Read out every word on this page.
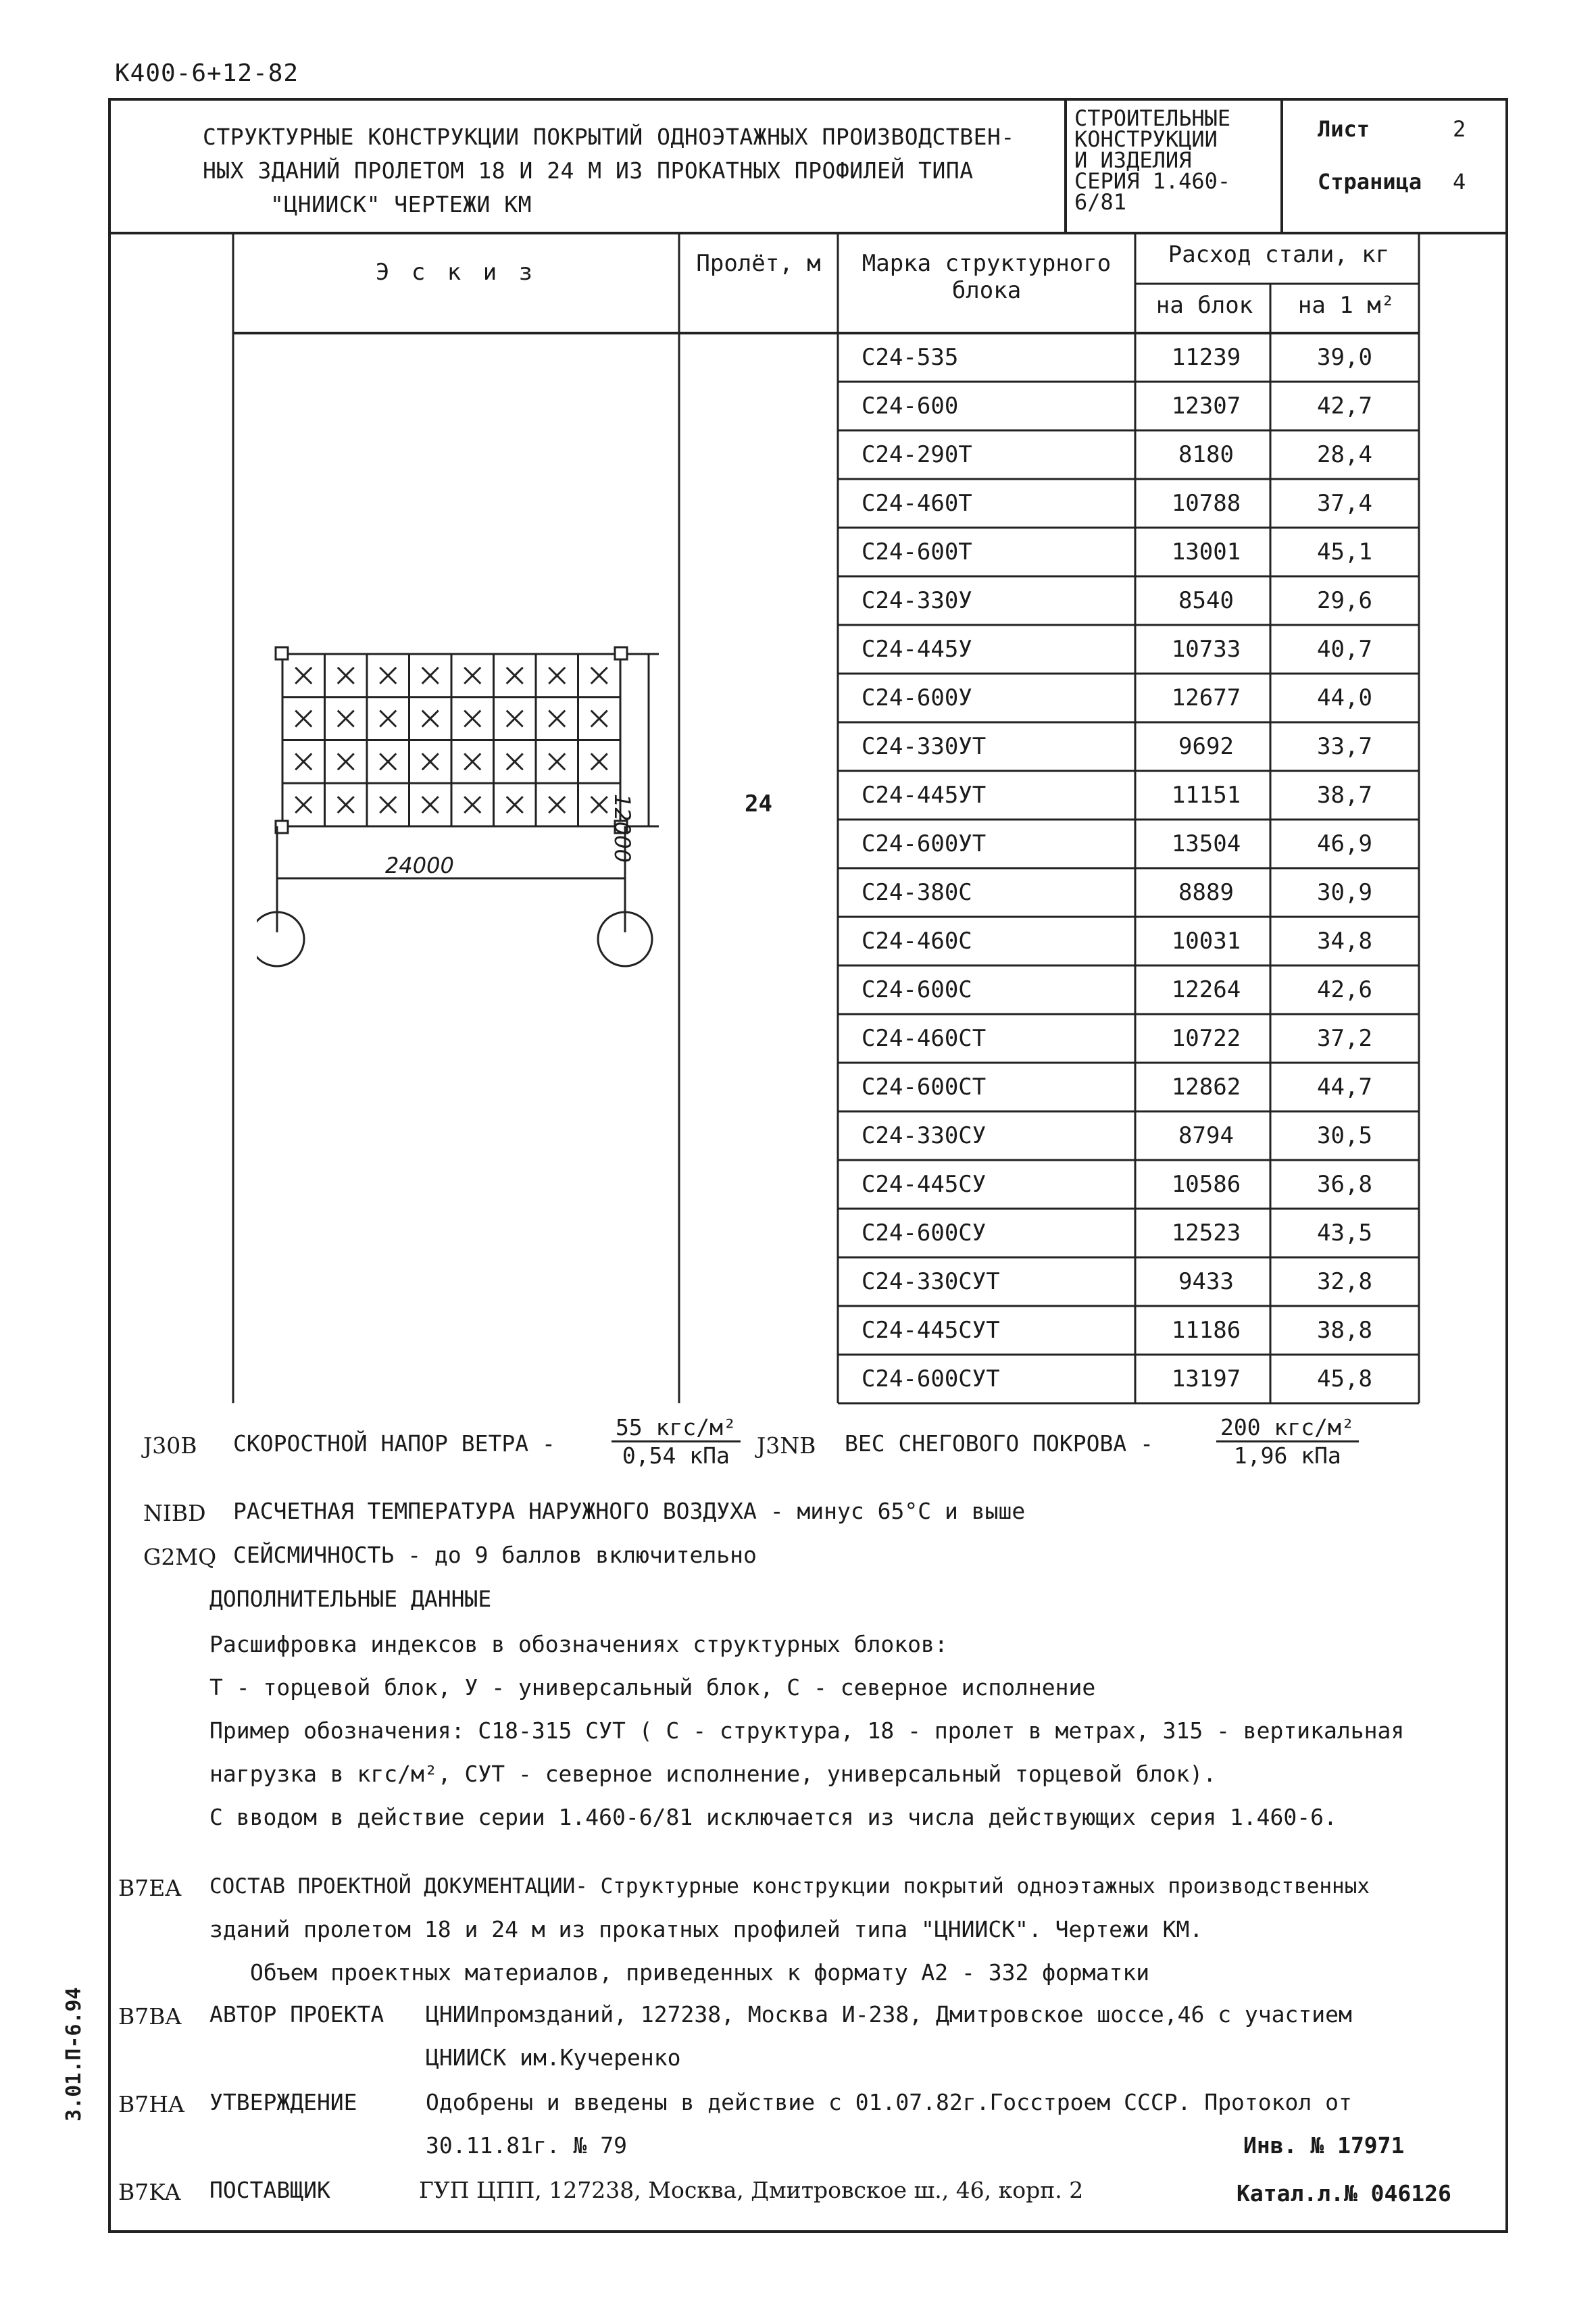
К400-6+12-82
СТРУКТУРНЫЕ КОНСТРУКЦИИ ПОКРЫТИЙ ОДНОЭТАЖНЫХ ПРОИЗВОДСТВЕН-
НЫХ ЗДАНИЙ ПРОЛЕТОМ 18 И 24 М ИЗ ПРОКАТНЫХ ПРОФИЛЕЙ ТИПА
"ЦНИИСК" ЧЕРТЕЖИ КМ
СТРОИТЕЛЬНЫЕ
КОНСТРУКЦИИ
И ИЗДЕЛИЯ
СЕРИЯ 1.460-6/81
Лист	2
Страница 4
Э с к и з	Пролёт, м	Марка структурного блока
Расход стали, кг
на блок	на 1 м²
24
С24-535	11239	39,0
С24-600	12307	42,7
С24-290Т	8180	28,4
С24-460Т	10788	37,4
С24-600Т	13001	45,1
С24-330У	8540	29,6
С24-445У	10733	40,7
С24-600У	12677	44,0
С24-330УТ	9692	33,7
С24-445УТ	11151	38,7
С24-600УТ	13504	46,9
С24-380С	8889	30,9
С24-460С	10031	34,8
С24-600С	12264	42,6
С24-460СТ	10722	37,2
С24-600СТ	12862	44,7
С24-330СУ	8794	30,5
С24-445СУ	10586	36,8
С24-600СУ	12523	43,5
С24-330СУТ	9433	32,8
С24-445СУТ	11186	38,8
С24-600СУТ	13197	45,8
24000
12000
J30B СКОРОСТНОЙ НАПОР ВЕТРА -
55 кгс/м²
0,54 кПа	J3NB ВЕС СНЕГОВОГО ПОКРОВА -
200 кгс/м²
1,96 кПа
NIBD РАСЧЕТНАЯ ТЕМПЕРАТУРА НАРУЖНОГО ВОЗДУХА - минус 65°С и выше
G2MQ СЕЙСМИЧНОСТЬ - до 9 баллов включительно
ДОПОЛНИТЕЛЬНЫЕ ДАННЫЕ
Расшифровка индексов в обозначениях структурных блоков:
Т - торцевой блок, У - универсальный блок, С - северное исполнение
Пример обозначения: С18-315 СУТ ( С - структура, 18 - пролет в метрах, 315 - вертикальная
нагрузка в кгс/м², СУТ - северное исполнение, универсальный торцевой блок).
С вводом в действие серии 1.460-6/81 исключается из числа действующих серия 1.460-6.
B7EA СОСТАВ ПРОЕКТНОЙ ДОКУМЕНТАЦИИ- Структурные конструкции покрытий одноэтажных производственных
зданий пролетом 18 и 24 м из прокатных профилей типа "ЦНИИСК". Чертежи КМ.
Объем проектных материалов, приведенных к формату А2 - 332 форматки
B7BA АВТОР ПРОЕКТА ЦНИИпромзданий, 127238, Москва И-238, Дмитровское шоссе,46 с участием
ЦНИИСК им.Кучеренко
B7HA УТВЕРЖДЕНИЕ	Одобрены и введены в действие с 01.07.82г.Госстроем СССР. Протокол от
30.11.81г. № 79	Инв. № 17971
B7KA ПОСТАВЩИК	ГУП ЦПП, 127238, Москва, Дмитровское ш., 46, корп. 2	Катал.л.№ 046126
3.01.П-6.94
